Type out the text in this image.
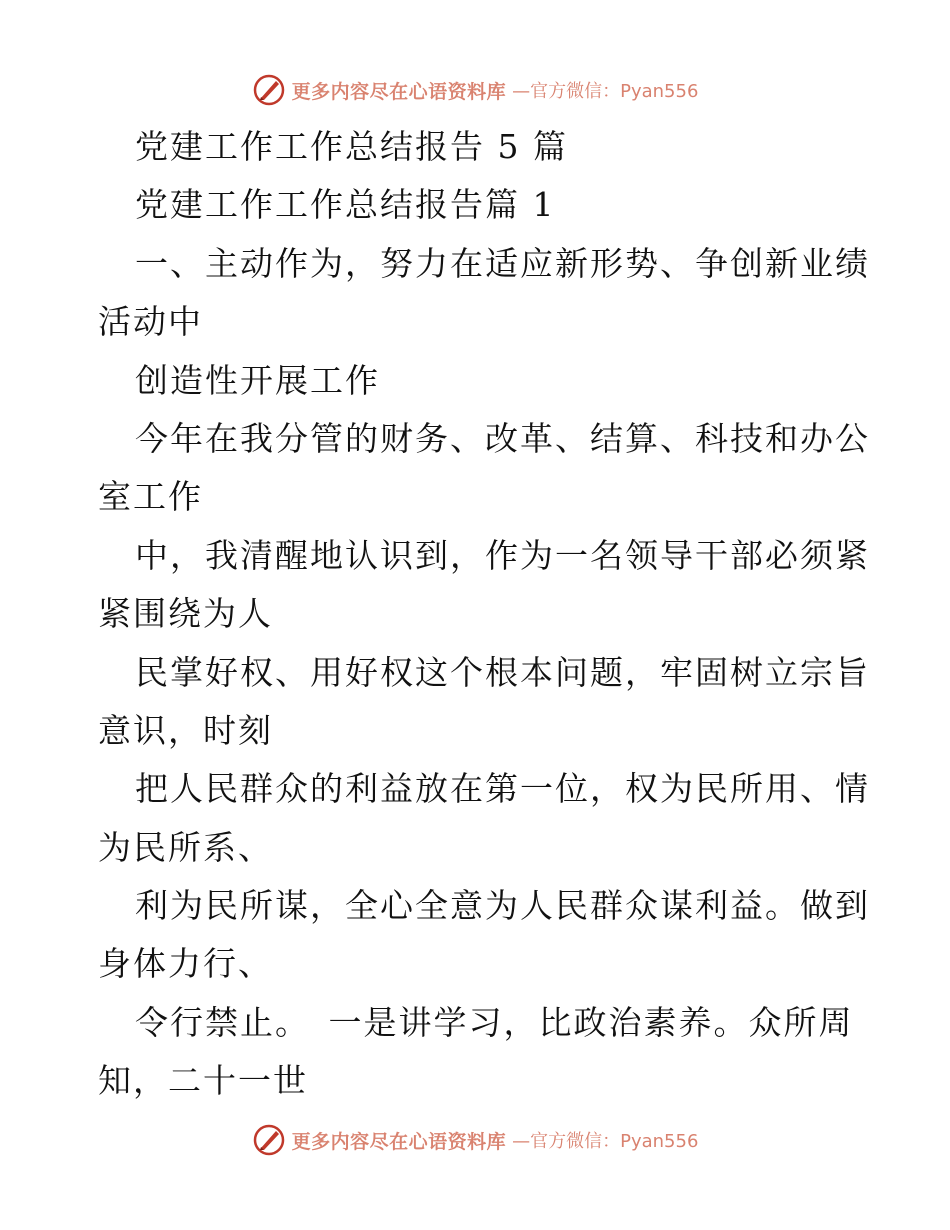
更多内容尽在心语资料库 —官方微信：Pyan556
党建工作工作总结报告 5 篇
党建工作工作总结报告篇 1
一、主动作为，努力在适应新形势、争创新业绩
活动中
创造性开展工作
今年在我分管的财务、改革、结算、科技和办公
室工作
中，我清醒地认识到，作为一名领导干部必须紧
紧围绕为人
民掌好权、用好权这个根本问题，牢固树立宗旨
意识，时刻
把人民群众的利益放在第一位，权为民所用、情
为民所系、
利为民所谋，全心全意为人民群众谋利益。做到
身体力行、
令行禁止。　一是讲学习，比政治素养。众所周
知，二十一世
更多内容尽在心语资料库 —官方微信：Pyan556
